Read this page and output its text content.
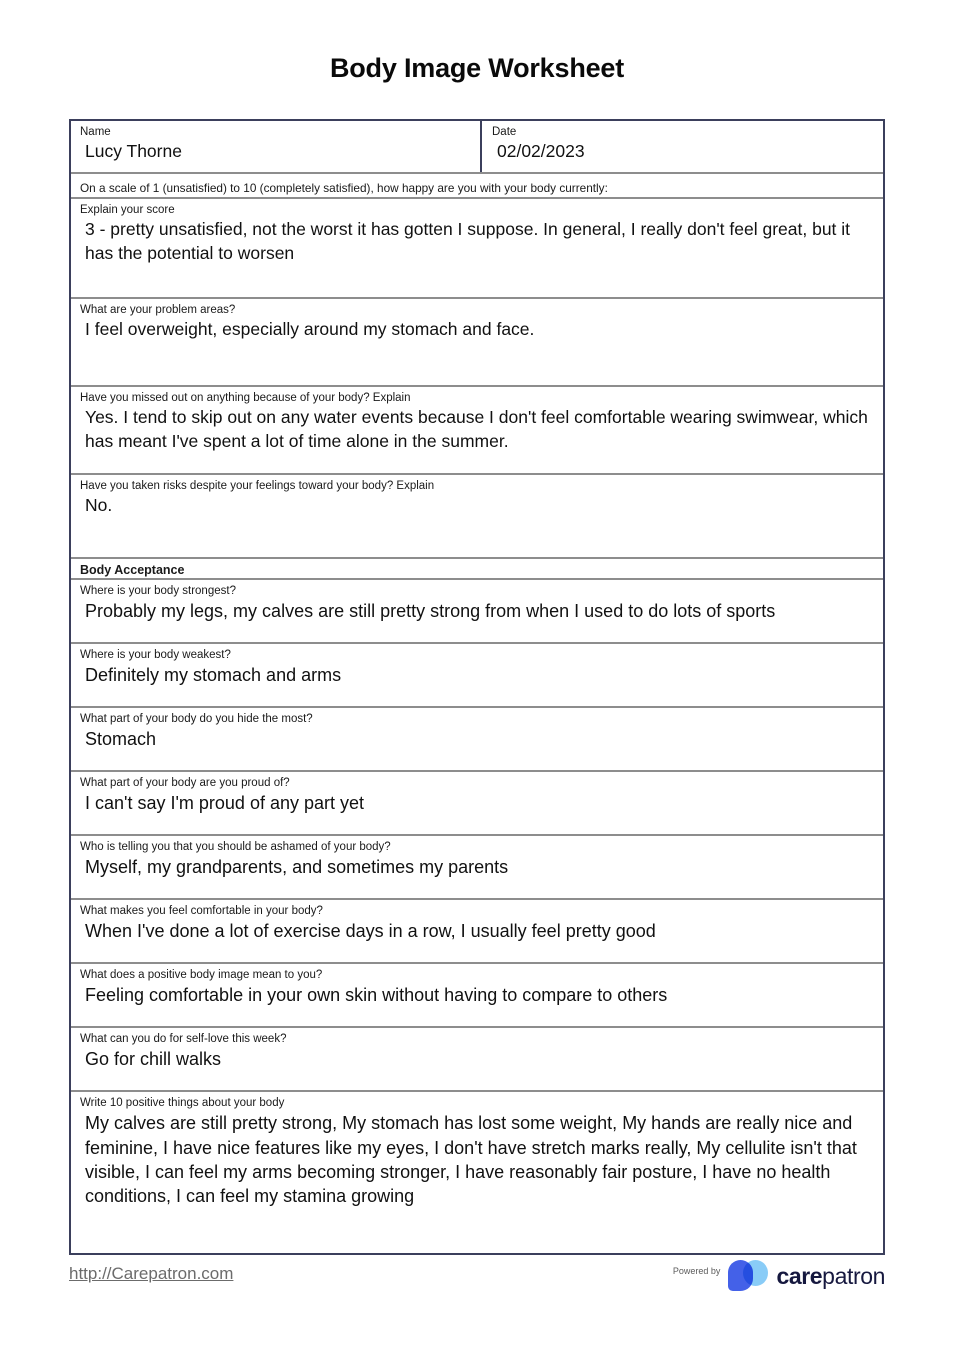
Body Image Worksheet
Name
Lucy Thorne
Date
02/02/2023
On a scale of 1 (unsatisfied) to 10 (completely satisfied), how happy are you with your body currently:
Explain your score
3 - pretty unsatisfied, not the worst it has gotten I suppose. In general, I really don't feel great, but it has the potential to worsen
What are your problem areas?
I feel overweight, especially around my stomach and face.
Have you missed out on anything because of your body? Explain
Yes. I tend to skip out on any water events because I don't feel comfortable wearing swimwear, which has meant I've spent a lot of time alone in the summer.
Have you taken risks despite your feelings toward your body? Explain
No.
Body Acceptance
Where is your body strongest?
Probably my legs, my calves are still pretty strong from when I used to do lots of sports
Where is your body weakest?
Definitely my stomach and arms
What part of your body do you hide the most?
Stomach
What part of your body are you proud of?
I can't say I'm proud of any part yet
Who is telling you that you should be ashamed of your body?
Myself, my grandparents, and sometimes my parents
What makes you feel comfortable in your body?
When I've done a lot of exercise days in a row, I usually feel pretty good
What does a positive body image mean to you?
Feeling comfortable in your own skin without having to compare to others
What can you do for self-love this week?
Go for chill walks
Write 10 positive things about your body
My calves are still pretty strong, My stomach has lost some weight, My hands are really nice and feminine, I have nice features like my eyes, I don't have stretch marks really, My cellulite isn't that visible, I can feel my arms becoming stronger, I have reasonably fair posture, I have no health conditions, I can feel my stamina growing
http://Carepatron.com	Powered by carepatron
